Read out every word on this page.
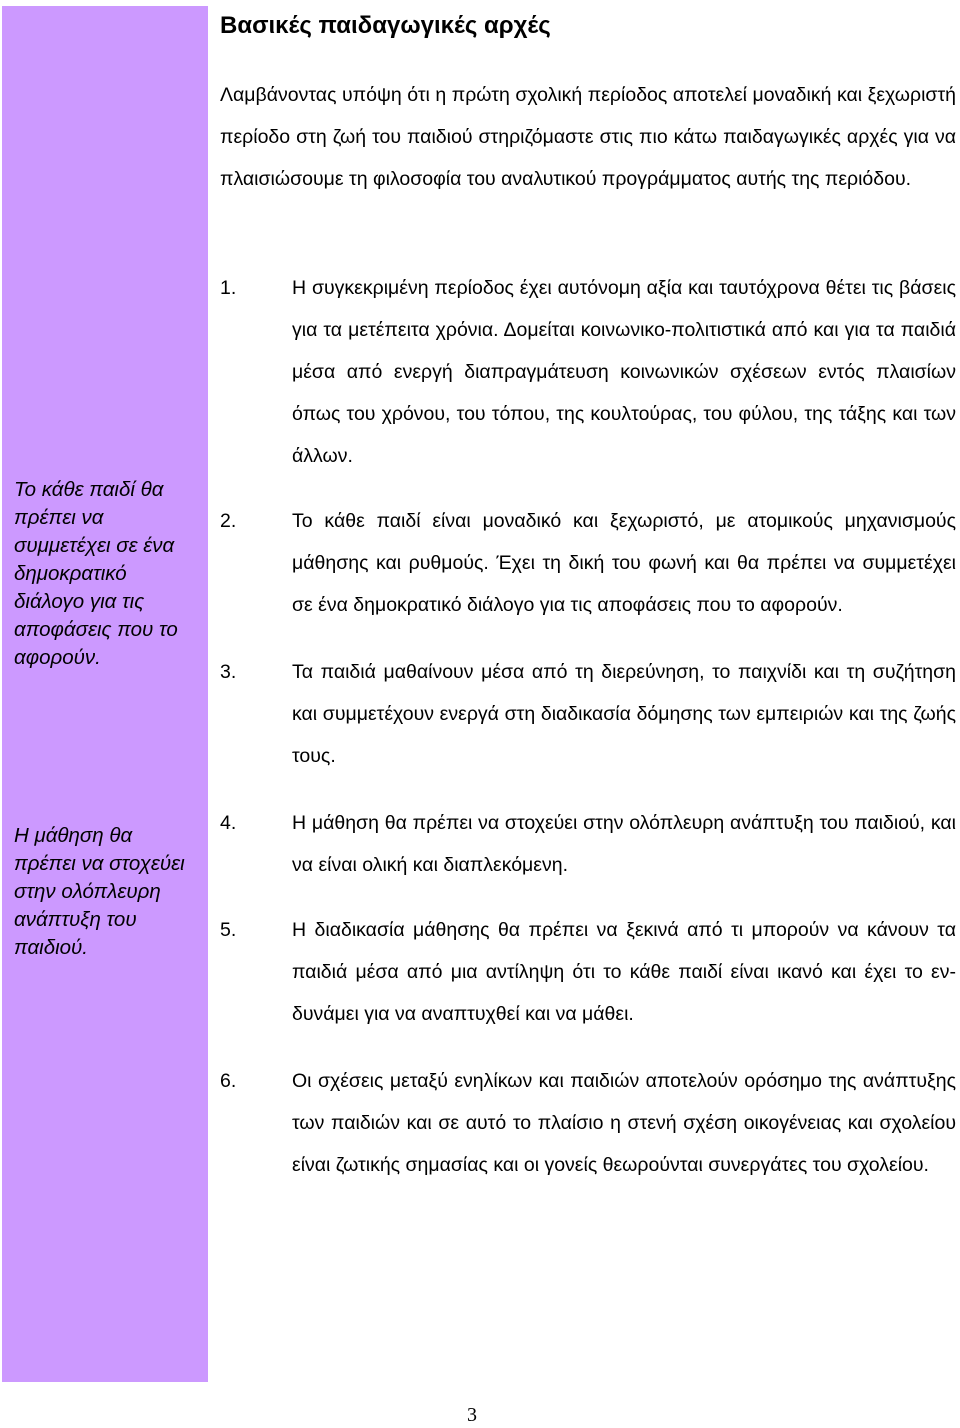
Το κάθε παιδί θα πρέπει να συμμετέχει σε ένα δημοκρατικό διάλογο για τις αποφάσεις που το αφορούν.

Η μάθηση θα πρέπει να στοχεύει στην ολόπλευρη ανάπτυξη του παιδιού.

Βασικές παιδαγωγικές αρχές

Λαμβάνοντας υπόψη ότι η πρώτη σχολική περίοδος αποτελεί μοναδική και ξεχωριστή περίοδο στη ζωή του παιδιού στηριζόμαστε στις πιο κάτω παιδαγωγικές αρχές για να πλαισιώσουμε τη φιλοσοφία του αναλυτικού προγράμματος αυτής της περιόδου.

1.	Η συγκεκριμένη περίοδος έχει αυτόνομη αξία και ταυτόχρονα θέτει τις βάσεις για τα μετέπειτα χρόνια. Δομείται κοινωνικο-πολιτιστικά από και για τα παιδιά μέσα από ενεργή διαπραγμάτευση κοινωνικών σχέσεων εντός πλαισίων όπως του χρόνου, του τόπου, της κουλτούρας, του φύλου, της τάξης και των άλλων.

2.	Το κάθε παιδί είναι μοναδικό και ξεχωριστό, με ατομικούς μηχανισμούς μάθησης και ρυθμούς. Έχει τη δική του φωνή και θα πρέπει να συμμετέχει σε ένα δημοκρατικό διάλογο για τις αποφάσεις που το αφορούν.

3.	Τα παιδιά μαθαίνουν μέσα από τη διερεύνηση, το παιχνίδι και τη συζήτηση και συμμετέχουν ενεργά στη διαδικασία δόμησης των εμπειριών και της ζωής τους.

4.	Η μάθηση θα πρέπει να στοχεύει στην ολόπλευρη ανάπτυξη του παιδιού, και να είναι ολική και διαπλεκόμενη.

5.	Η διαδικασία μάθησης θα πρέπει να ξεκινά από τι μπορούν να κάνουν τα παιδιά μέσα από μια αντίληψη ότι το κάθε παιδί είναι ικανό και έχει το εν-δυνάμει για να αναπτυχθεί και να μάθει.

6.	Οι σχέσεις μεταξύ ενηλίκων και παιδιών αποτελούν ορόσημο της ανάπτυξης των παιδιών και σε αυτό το πλαίσιο η στενή σχέση οικογένειας και σχολείου είναι ζωτικής σημασίας και οι γονείς θεωρούνται συνεργάτες του σχολείου.

3
